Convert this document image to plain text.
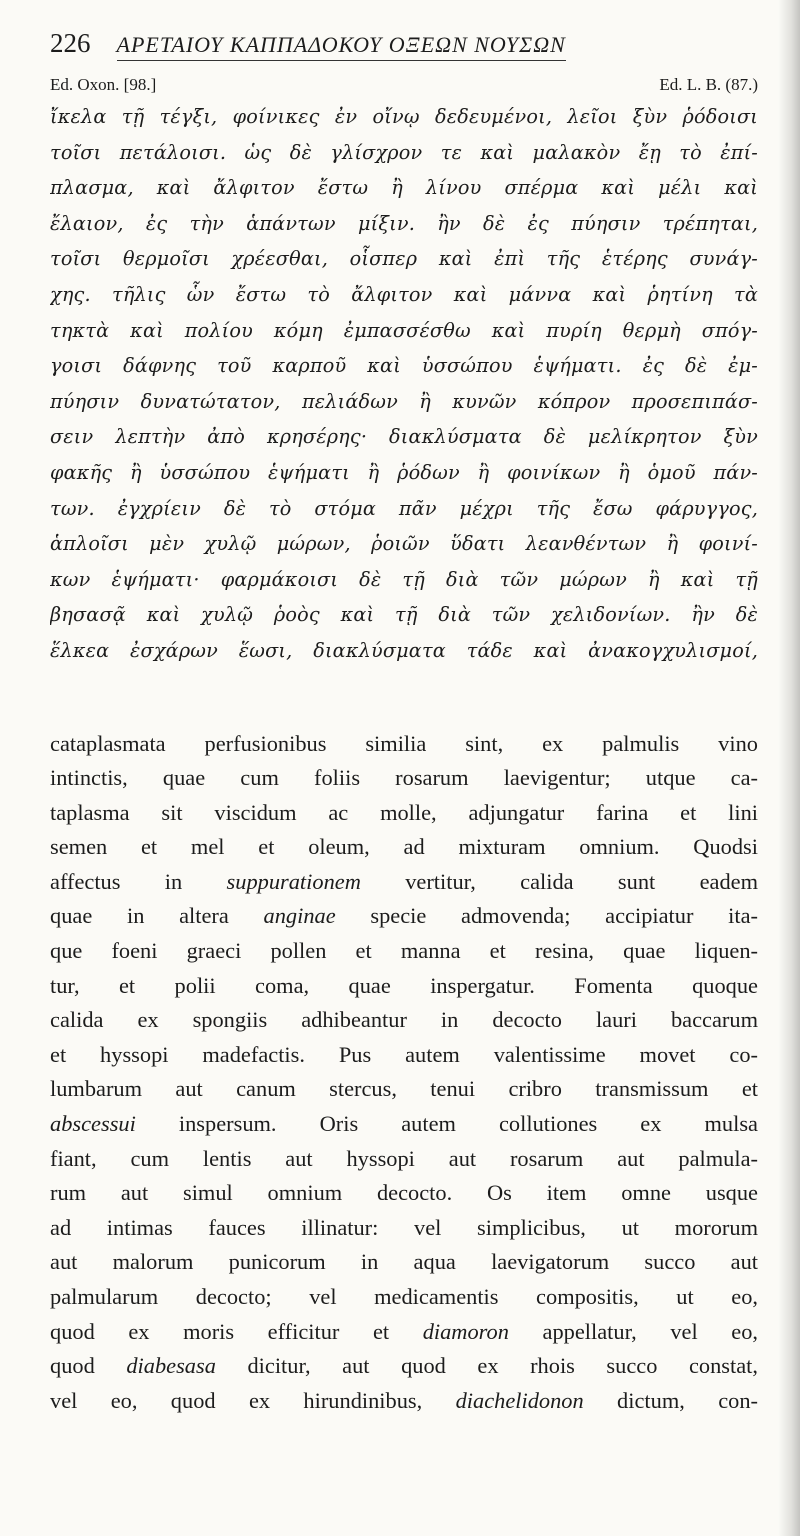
226 ΑΡΕΤΑΙΟΥ ΚΑΠΠΑΔΟΚΟΥ ΟΞΕΩΝ ΝΟΥΣΩΝ
Ed. Oxon. [98.]	Ed. L. B. (87.)
ἴκελα τῇ τέγξι, φοίνικες ἐν οἴνῳ δεδευμένοι, λεῖοι ξὺν ῥόδοισι
τοῖσι πετάλοισι. ὡς δὲ γλίσχρον τε καὶ μαλακὸν ἔῃ τὸ ἐπί-
πλασμα, καὶ ἄλφιτον ἔστω ἢ λίνου σπέρμα καὶ μέλι καὶ
ἔλαιον, ἐς τὴν ἁπάντων μίξιν. ἢν δὲ ἐς πύησιν τρέπηται,
τοῖσι θερμοῖσι χρέεσθαι, οἷσπερ καὶ ἐπὶ τῆς ἑτέρης συνάγ-
χης. τῆλις ὧν ἔστω τὸ ἄλφιτον καὶ μάννα καὶ ῥητίνη τὰ
τηκτὰ καὶ πολίου κόμη ἐμπασσέσθω καὶ πυρίη θερμὴ σπόγ-
γοισι δάφνης τοῦ καρποῦ καὶ ὑσσώπου ἑψήματι. ἐς δὲ ἐμ-
πύησιν δυνατώτατον, πελιάδων ἢ κυνῶν κόπρον προσεπιπάσ-
σειν λεπτὴν ἀπὸ κρησέρης· διακλύσματα δὲ μελίκρητον ξὺν
φακῆς ἢ ὑσσώπου ἑψήματι ἢ ῥόδων ἢ φοινίκων ἢ ὁμοῦ πάν-
των. ἐγχρίειν δὲ τὸ στόμα πᾶν μέχρι τῆς ἔσω φάρυγγος,
ἁπλοῖσι μὲν χυλῷ μώρων, ῥοιῶν ὕδατι λεανθέντων ἢ φοινί-
κων ἑψήματι· φαρμάκοισι δὲ τῇ διὰ τῶν μώρων ἢ καὶ τῇ
βησασᾷ καὶ χυλῷ ῥοὸς καὶ τῇ διὰ τῶν χελιδονίων. ἢν δὲ
ἕλκεα ἐσχάρων ἕωσι, διακλύσματα τάδε καὶ ἀνακογχυλισμοί,
cataplasmata perfusionibus similia sint, ex palmulis vino
intinctis, quae cum foliis rosarum laevigentur; utque ca-
taplasma sit viscidum ac molle, adjungatur farina et lini
semen et mel et oleum, ad mixturam omnium. Quodsi
affectus in suppurationem vertitur, calida sunt eadem
quae in altera anginae specie admovenda; accipiatur ita-
que foeni graeci pollen et manna et resina, quae liquen-
tur, et polii coma, quae inspergatur. Fomenta quoque
calida ex spongiis adhibeantur in decocto lauri baccarum
et hyssopi madefactis. Pus autem valentissime movet co-
lumbarum aut canum stercus, tenui cribro transmissum et
abscessui inspersum. Oris autem collutiones ex mulsa
fiant, cum lentis aut hyssopi aut rosarum aut palmula-
rum aut simul omnium decocto. Os item omne usque
ad intimas fauces illinatur: vel simplicibus, ut mororum
aut malorum punicorum in aqua laevigatorum succo aut
palmularum decocto; vel medicamentis compositis, ut eo,
quod ex moris efficitur et diamoron appellatur, vel eo,
quod diabesasa dicitur, aut quod ex rhois succo constat,
vel eo, quod ex hirundinibus, diachelidonon dictum, con-
